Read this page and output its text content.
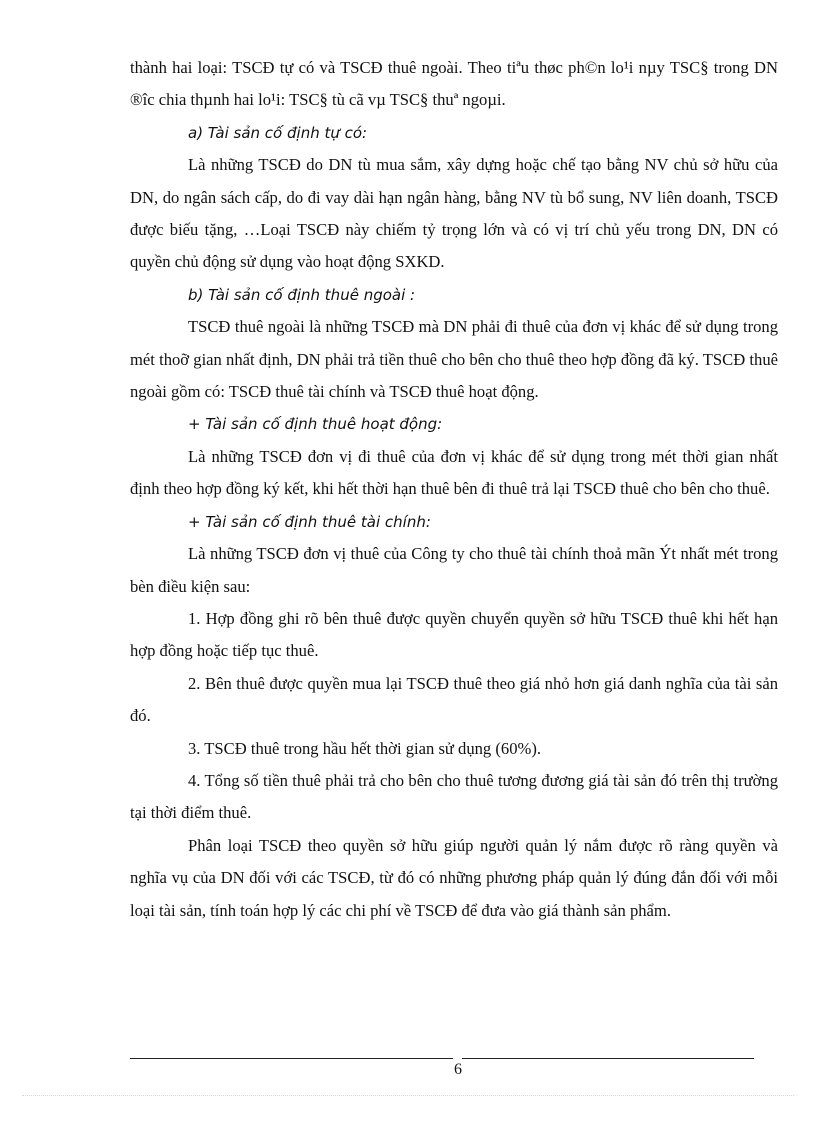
thành hai loại: TSCĐ tự có và TSCĐ thuê ngoài. Theo tiªu thøc ph©n lo¹i nµy TSC§ trong DN ®îc chia thµnh hai lo¹i: TSC§ tù cã vµ TSC§ thuª ngoµi.

a) Tài sản cố định tự có:

Là những TSCĐ do DN tù mua sắm, xây dựng hoặc chế tạo bằng NV chủ sở hữu của DN, do ngân sách cấp, do đi vay dài hạn ngân hàng, bằng NV tù bổ sung, NV liên doanh, TSCĐ được biếu tặng, …Loại TSCĐ này chiếm tỷ trọng lớn và có vị trí chủ yếu trong DN, DN có quyền chủ động sử dụng vào hoạt động SXKD.

b) Tài sản cố định thuê ngoài :

TSCĐ thuê ngoài là những TSCĐ mà DN phải đi thuê của đơn vị khác để sử dụng trong mét thoỡ gian nhất định, DN phải trả tiền thuê cho bên cho thuê theo hợp đồng đã ký. TSCĐ thuê ngoài gồm có: TSCĐ thuê tài chính và TSCĐ thuê hoạt động.

+ Tài sản cố định thuê hoạt động:

Là những TSCĐ đơn vị đi thuê của đơn vị khác để sử dụng trong mét thời gian nhất định theo hợp đồng ký kết, khi hết thời hạn thuê bên đi thuê trả lại TSCĐ thuê cho bên cho thuê.

+ Tài sản cố định thuê tài chính:

Là những TSCĐ đơn vị thuê của Công ty cho thuê tài chính thoả mãn Ýt nhất mét trong bèn điều kiện sau:

1. Hợp đồng ghi rõ bên thuê được quyền chuyển quyền sở hữu TSCĐ thuê khi hết hạn hợp đồng hoặc tiếp tục thuê.

2. Bên thuê được quyền mua lại TSCĐ thuê theo giá nhỏ hơn giá danh nghĩa của tài sản đó.

3. TSCĐ thuê trong hầu hết thời gian sử dụng (60%).

4. Tổng số tiền thuê phải trả cho bên cho thuê tương đương giá tài sản đó trên thị trường tại thời điểm thuê.

Phân loại TSCĐ theo quyền sở hữu giúp người quản lý nắm được rõ ràng quyền và nghĩa vụ của DN đối với các TSCĐ, từ đó có những phương pháp quản lý đúng đắn đối với mỗi loại tài sản, tính toán hợp lý các chi phí về TSCĐ để đưa vào giá thành sản phẩm.

6
